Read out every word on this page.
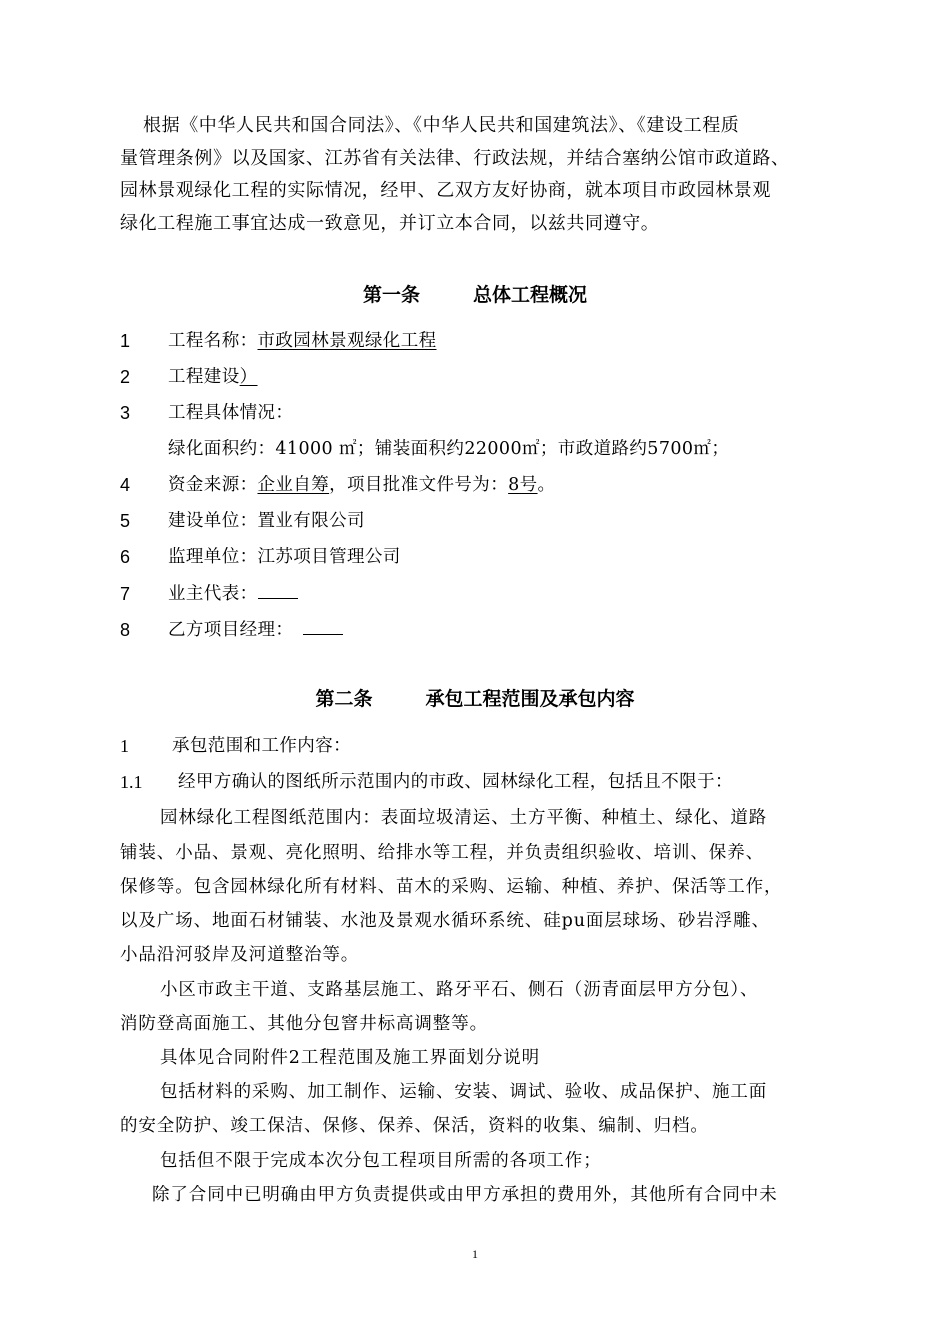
根据《中华人民共和国合同法》、《中华人民共和国建筑法》、《建设工程质
量管理条例》以及国家、江苏省有关法律、行政法规，并结合塞纳公馆市政道路、
园林景观绿化工程的实际情况，经甲、乙双方友好协商，就本项目市政园林景观
绿化工程施工事宜达成一致意见，并订立本合同，以兹共同遵守。
第一条        总体工程概况
1 工程名称：市政园林景观绿化工程
2 工程建设）
3 工程具体情况：
绿化面积约：41000 ㎡；铺装面积约22000㎡；市政道路约5700㎡；
4 资金来源：企业自筹，项目批准文件号为：8号。
5 建设单位：置业有限公司
6 监理单位：江苏项目管理公司
7 业主代表：
8 乙方项目经理：
第二条        承包工程范围及承包内容
1 承包范围和工作内容：
1.1 经甲方确认的图纸所示范围内的市政、园林绿化工程，包括且不限于：
园林绿化工程图纸范围内：表面垃圾清运、土方平衡、种植土、绿化、道路
铺装、小品、景观、亮化照明、给排水等工程，并负责组织验收、培训、保养、
保修等。包含园林绿化所有材料、苗木的采购、运输、种植、养护、保活等工作，
以及广场、地面石材铺装、水池及景观水循环系统、硅pu面层球场、砂岩浮雕、
小品沿河驳岸及河道整治等。
小区市政主干道、支路基层施工、路牙平石、侧石（沥青面层甲方分包）、
消防登高面施工、其他分包窨井标高调整等。
具体见合同附件2工程范围及施工界面划分说明
包括材料的采购、加工制作、运输、安装、调试、验收、成品保护、施工面
的安全防护、竣工保洁、保修、保养、保活，资料的收集、编制、归档。
包括但不限于完成本次分包工程项目所需的各项工作；
除了合同中已明确由甲方负责提供或由甲方承担的费用外，其他所有合同中未
1
